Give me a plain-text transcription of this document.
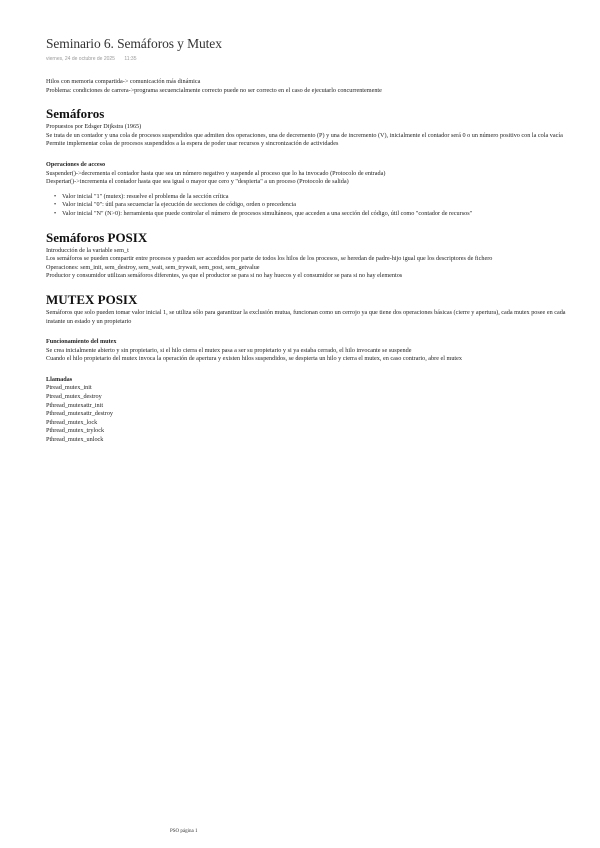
Seminario 6. Semáforos y Mutex
viernes, 24 de octubre de 2025 11:35

Hilos con memoria compartida-> comunicación más dinámica

Problema: condiciones de carrera->programa secuencialmente correcto puede no ser correcto en el caso de ejecutarlo concurrentemente

Semáforos

Propuestos por Edsger Dijkstra (1965)

Se trata de un contador y una cola de procesos suspendidos que admiten dos operaciones, una de decremento (P) y una de incremento (V), inicialmente el contador será 0 o un número positivo con la cola vacía

Permite implementar colas de procesos suspendidos a la espera de poder usar recursos y sincronización de actividades

Operaciones de acceso

Suspender()->decrementa el contador hasta que sea un número negativo y suspende al proceso que lo ha invocado (Protocolo de entrada)

Despertar()->incrementa el contador hasta que sea igual o mayor que cero y "despierta" a un proceso (Protocolo de salida)

• Valor inicial "1" (mutex): resuelve el problema de la sección crítica
• Valor inicial "0": útil para secuenciar la ejecución de secciones de código, orden o precedencia
• Valor inicial "N" (N>0): herramienta que puede controlar el número de procesos simultáneos, que acceden a una sección del código, útil como "contador de recursos"
Semáforos POSIX

Introducción de la variable sem_t

Los semáforos se pueden compartir entre procesos y pueden ser accedidos por parte de todos los hilos de los procesos, se heredan de padre-hijo igual que los descriptores de fichero

Operaciones: sem_init, sem_destroy, sem_wait, sem_trywait, sem_post, sem_getvalue

Productor y consumidor utilizan semáforos diferentes, ya que el productor se para si no hay huecos y el consumidor se para si no hay elementos

MUTEX POSIX

Semáforos que solo pueden tomar valor inicial 1, se utiliza sólo para garantizar la exclusión mutua, funcionan como un cerrojo ya que tiene dos operaciones básicas (cierre y apertura), cada mutex posee en cada instante un estado y un propietario

Funcionamiento del mutex

Se crea inicialmente abierto y sin propietario, si el hilo cierra el mutex pasa a ser su propietario y si ya estaba cerrado, el hilo invocante se suspende

Cuando el hilo propietario del mutex invoca la operación de apertura y existen hilos suspendidos, se despierta un hilo y cierra el mutex, en caso contrario, abre el mutex

Llamadas

Ptread_mutex_init

Ptread_mutex_destroy

Pthread_mutexattr_init

Pthread_mutexattr_destroy

Pthread_mutex_lock

Pthread_mutex_trylock

Pthread_mutex_unlock

PSO página 1
